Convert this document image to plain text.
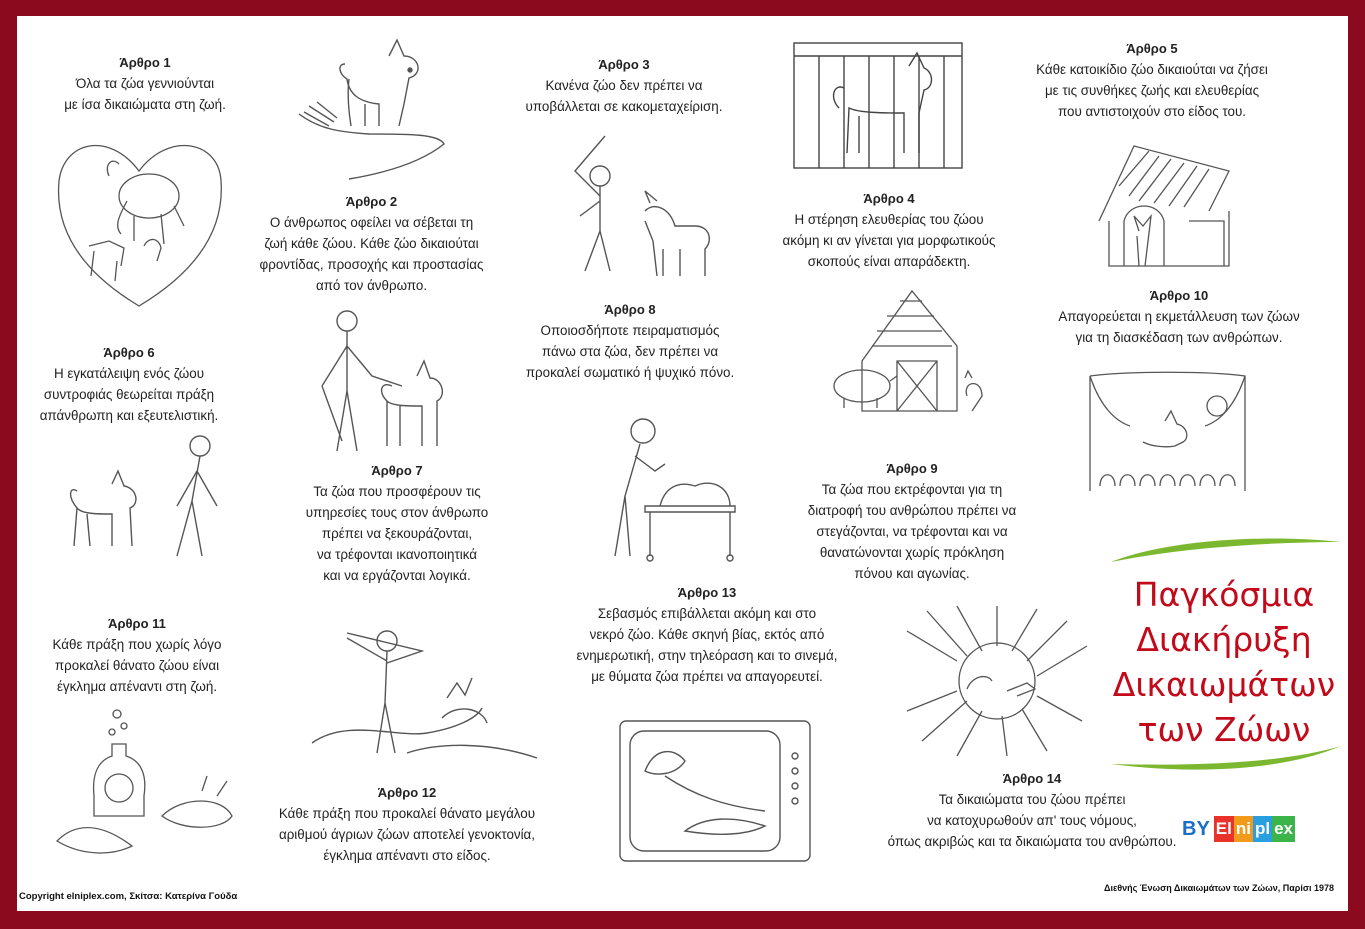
Άρθρο 1
Όλα τα ζώα γεννιούνται
με ίσα δικαιώματα στη ζωή.
Άρθρο 2
Ο άνθρωπος οφείλει να σέβεται τη
ζωή κάθε ζώου. Κάθε ζώο δικαιούται
φροντίδας, προσοχής και προστασίας
από τον άνθρωπο.
Άρθρο 3
Κανένα ζώο δεν πρέπει να
υποβάλλεται σε κακομεταχείριση.
Άρθρο 4
Η στέρηση ελευθερίας του ζώου
ακόμη κι αν γίνεται για μορφωτικούς
σκοπούς είναι απαράδεκτη.
Άρθρο 5
Κάθε κατοικίδιο ζώο δικαιούται να ζήσει
με τις συνθήκες ζωής και ελευθερίας
που αντιστοιχούν στο είδος του.
Άρθρο 6
Η εγκατάλειψη ενός ζώου
συντροφιάς θεωρείται πράξη
απάνθρωπη και εξευτελιστική.
Άρθρο 7
Τα ζώα που προσφέρουν τις
υπηρεσίες τους στον άνθρωπο
πρέπει να ξεκουράζονται,
να τρέφονται ικανοποιητικά
και να εργάζονται λογικά.
Άρθρο 8
Οποιοσδήποτε πειραματισμός
πάνω στα ζώα, δεν πρέπει να
προκαλεί σωματικό ή ψυχικό πόνο.
Άρθρο 9
Τα ζώα που εκτρέφονται για τη
διατροφή του ανθρώπου πρέπει να
στεγάζονται, να τρέφονται και να
θανατώνονται χωρίς πρόκληση
πόνου και αγωνίας.
Άρθρο 10
Απαγορεύεται η εκμετάλλευση των ζώων
για τη διασκέδαση των ανθρώπων.
Άρθρο 11
Κάθε πράξη που χωρίς λόγο
προκαλεί θάνατο ζώου είναι
έγκλημα απέναντι στη ζωή.
Άρθρο 12
Κάθε πράξη που προκαλεί θάνατο μεγάλου
αριθμού άγριων ζώων αποτελεί γενοκτονία,
έγκλημα απέναντι στο είδος.
Άρθρο 13
Σεβασμός επιβάλλεται ακόμη και στο
νεκρό ζώο. Κάθε σκηνή βίας, εκτός από
ενημερωτική, στην τηλεόραση και το σινεμά,
με θύματα ζώα πρέπει να απαγορευτεί.
Άρθρο 14
Τα δικαιώματα του ζώου πρέπει
να κατοχυρωθούν απ' τους νόμους,
όπως ακριβώς και τα δικαιώματα του ανθρώπου.
Παγκόσμια
Διακήρυξη
Δικαιωμάτων
των Ζώων
BY El ni pl ex
Copyright elniplex.com, Σκίτσα: Κατερίνα Γούδα
Διεθνής Ένωση Δικαιωμάτων των Ζώων, Παρίσι 1978
